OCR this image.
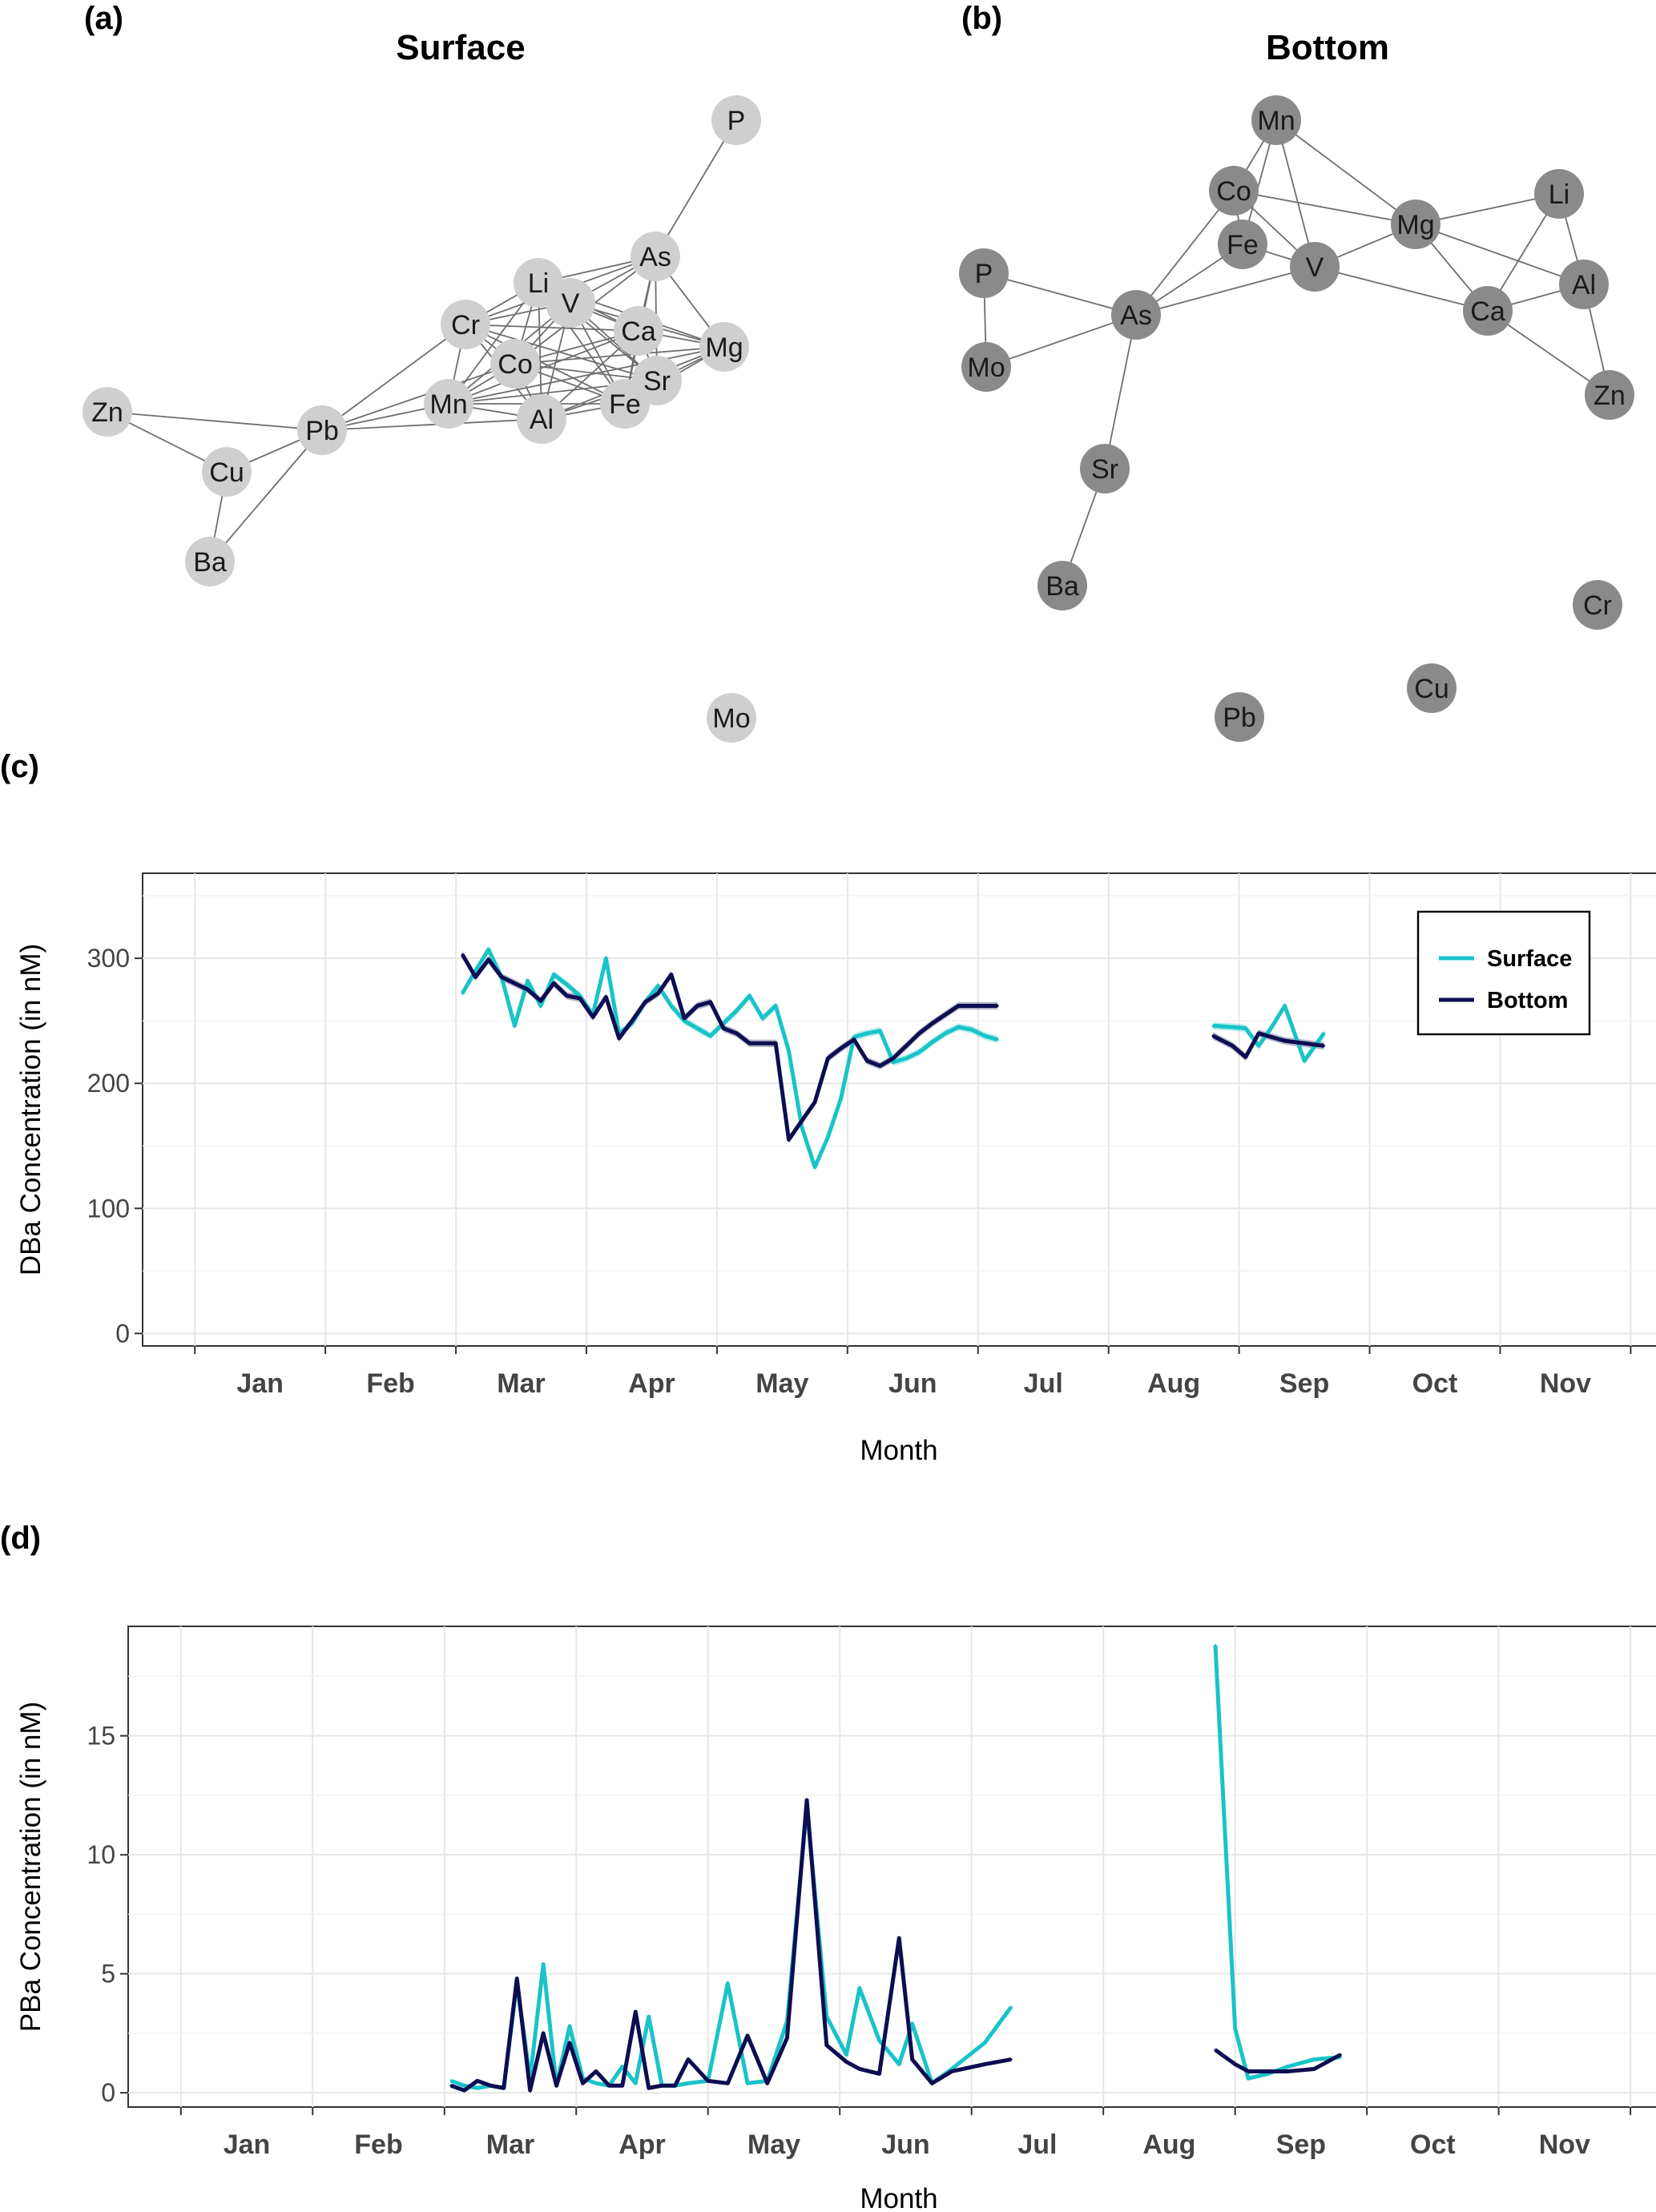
(a)
Surface
(b)
Bottom
(c)
(d)
P
As
Li
V
Cr	Ca
Mg
Co
Sr
Mn	Fe
Al
Zn
Pb
Cu
Ba
Mo
Mn
Co
Fe
V
Mg
Li
Al
Ca
Zn
P
As
Mo
Sr
Ba
Cr
Cu
Pb
0
100
200
300
Jan	Feb	Mar	Apr	May	Jun	Jul	Aug	Sep	Oct	Nov
Month
DBa Concentration (in nM)	Surface
Bottom
0
5
10
15
Jan	Feb	Mar	Apr	May	Jun	Jul	Aug	Sep	Oct	Nov
Month
PBa Concentration (in nM)
